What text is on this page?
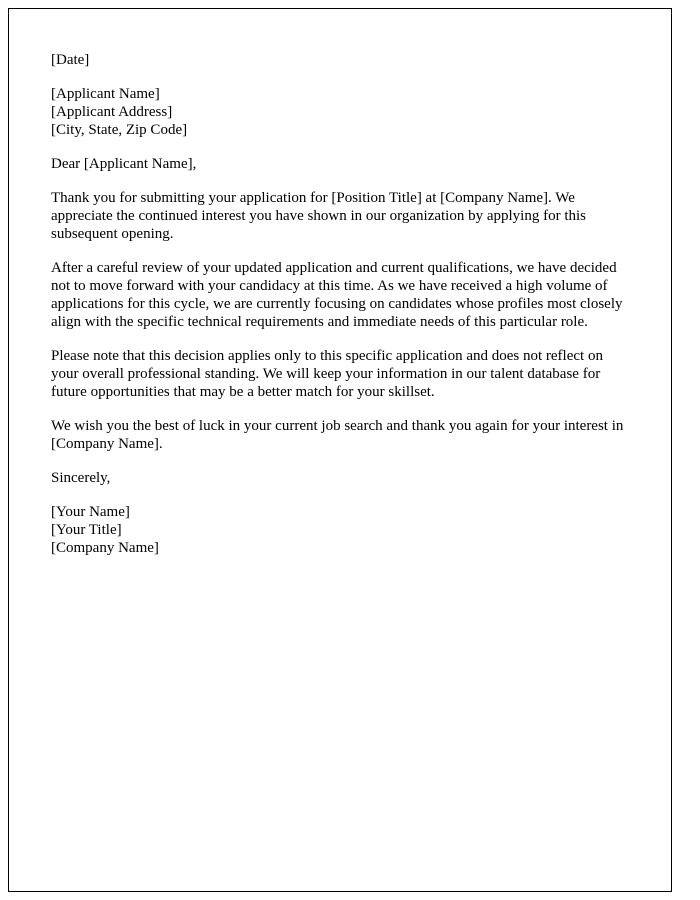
[Date]

[Applicant Name]

[Applicant Address]

[City, State, Zip Code]

Dear [Applicant Name],

Thank you for submitting your application for [Position Title] at [Company Name]. We appreciate the continued interest you have shown in our organization by applying for this subsequent opening.

After a careful review of your updated application and current qualifications, we have decided not to move forward with your candidacy at this time. As we have received a high volume of applications for this cycle, we are currently focusing on candidates whose profiles most closely align with the specific technical requirements and immediate needs of this particular role.

Please note that this decision applies only to this specific application and does not reflect on your overall professional standing. We will keep your information in our talent database for future opportunities that may be a better match for your skillset.

We wish you the best of luck in your current job search and thank you again for your interest in [Company Name].

Sincerely,

[Your Name]

[Your Title]

[Company Name]
